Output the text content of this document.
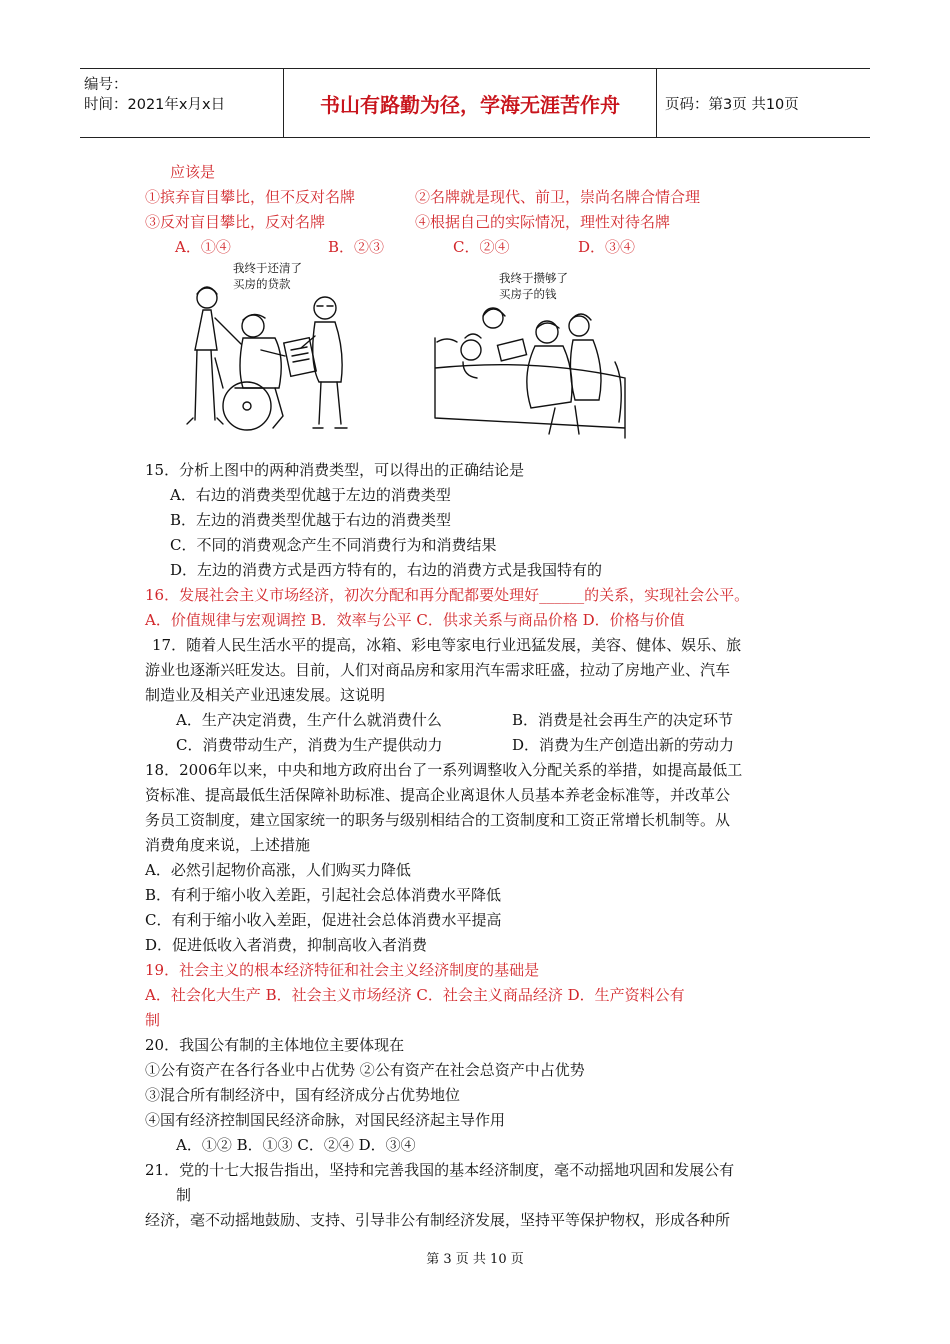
编号：
时间：2021年x月x日	书山有路勤为径，学海无涯苦作舟	页码：第3页 共10页
应该是
①摈弃盲目攀比，但不反对名牌	②名牌就是现代、前卫，崇尚名牌合情合理
③反对盲目攀比，反对名牌	④根据自己的实际情况，理性对待名牌
A．①④	B．②③	C．②④	D．③④
我终于还清了
买房的贷款	我终于攒够了
买房子的钱
15．分析上图中的两种消费类型，可以得出的正确结论是
A．右边的消费类型优越于左边的消费类型
B．左边的消费类型优越于右边的消费类型
C．不同的消费观念产生不同消费行为和消费结果
D．左边的消费方式是西方特有的，右边的消费方式是我国特有的
16．发展社会主义市场经济，初次分配和再分配都要处理好______的关系，实现社会公平。
A．价值规律与宏观调控 B．效率与公平 C．供求关系与商品价格 D．价格与价值
17．随着人民生活水平的提高，冰箱、彩电等家电行业迅猛发展，美容、健体、娱乐、旅
游业也逐渐兴旺发达。目前，人们对商品房和家用汽车需求旺盛，拉动了房地产业、汽车
制造业及相关产业迅速发展。这说明
A．生产决定消费，生产什么就消费什么	B．消费是社会再生产的决定环节
C．消费带动生产，消费为生产提供动力	D．消费为生产创造出新的劳动力
18．2006年以来，中央和地方政府出台了一系列调整收入分配关系的举措，如提高最低工
资标准、提高最低生活保障补助标准、提高企业离退休人员基本养老金标准等，并改革公
务员工资制度，建立国家统一的职务与级别相结合的工资制度和工资正常增长机制等。从
消费角度来说，上述措施
A．必然引起物价高涨，人们购买力降低
B．有利于缩小收入差距，引起社会总体消费水平降低
C．有利于缩小收入差距，促进社会总体消费水平提高
D．促进低收入者消费，抑制高收入者消费
19．社会主义的根本经济特征和社会主义经济制度的基础是
A．社会化大生产 B．社会主义市场经济 C．社会主义商品经济 D．生产资料公有
制
20．我国公有制的主体地位主要体现在
①公有资产在各行各业中占优势 ②公有资产在社会总资产中占优势
③混合所有制经济中，国有经济成分占优势地位
④国有经济控制国民经济命脉，对国民经济起主导作用
A．①② B．①③ C．②④ D．③④
21．党的十七大报告指出，坚持和完善我国的基本经济制度，毫不动摇地巩固和发展公有
制
经济，毫不动摇地鼓励、支持、引导非公有制经济发展，坚持平等保护物权，形成各种所
第 3 页 共 10 页
